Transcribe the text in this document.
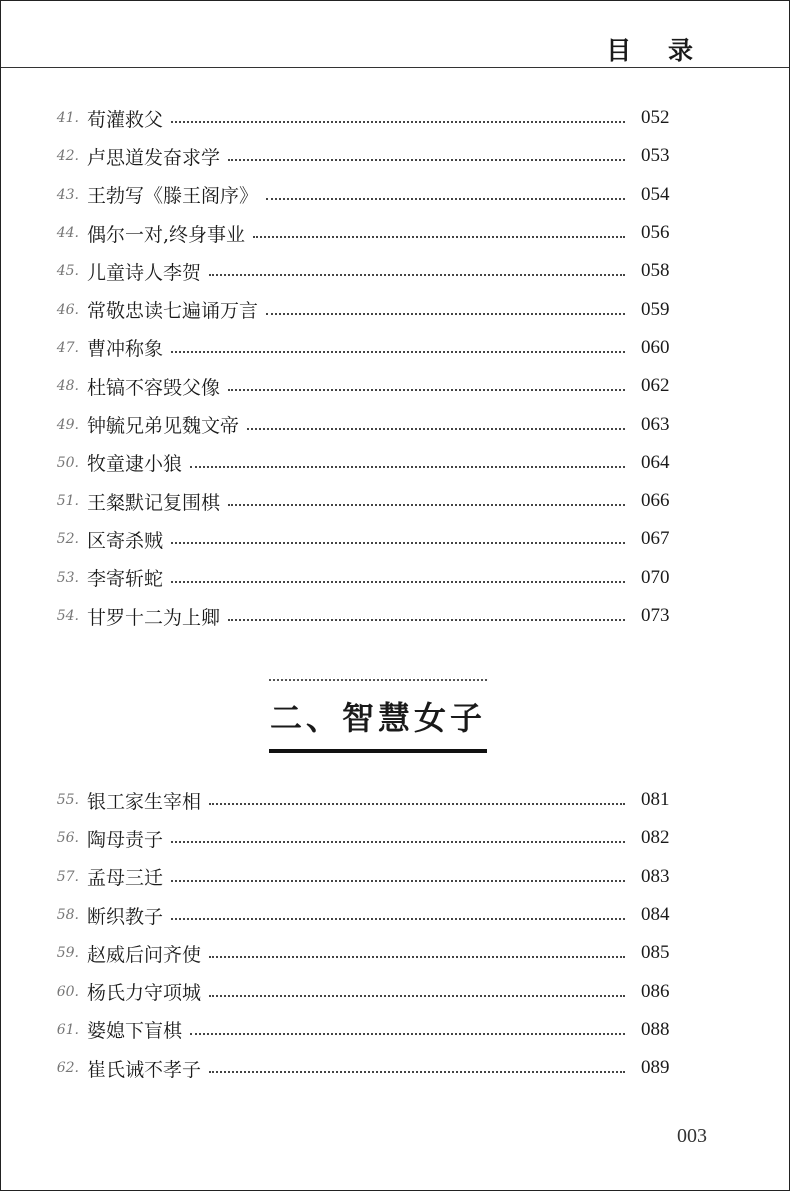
目 录
41. 荀灌救父	052
42. 卢思道发奋求学	053
43. 王勃写《滕王阁序》	054
44. 偶尔一对,终身事业	056
45. 儿童诗人李贺	058
46. 常敬忠读七遍诵万言	059
47. 曹冲称象	060
48. 杜镐不容毁父像	062
49. 钟毓兄弟见魏文帝	063
50. 牧童逮小狼	064
51. 王粲默记复围棋	066
52. 区寄杀贼	067
53. 李寄斩蛇	070
54. 甘罗十二为上卿	073
二、智慧女子
55. 银工家生宰相	081
56. 陶母责子	082
57. 孟母三迁	083
58. 断织教子	084
59. 赵威后问齐使	085
60. 杨氏力守项城	086
61. 婆媳下盲棋	088
62. 崔氏诫不孝子	089
003
